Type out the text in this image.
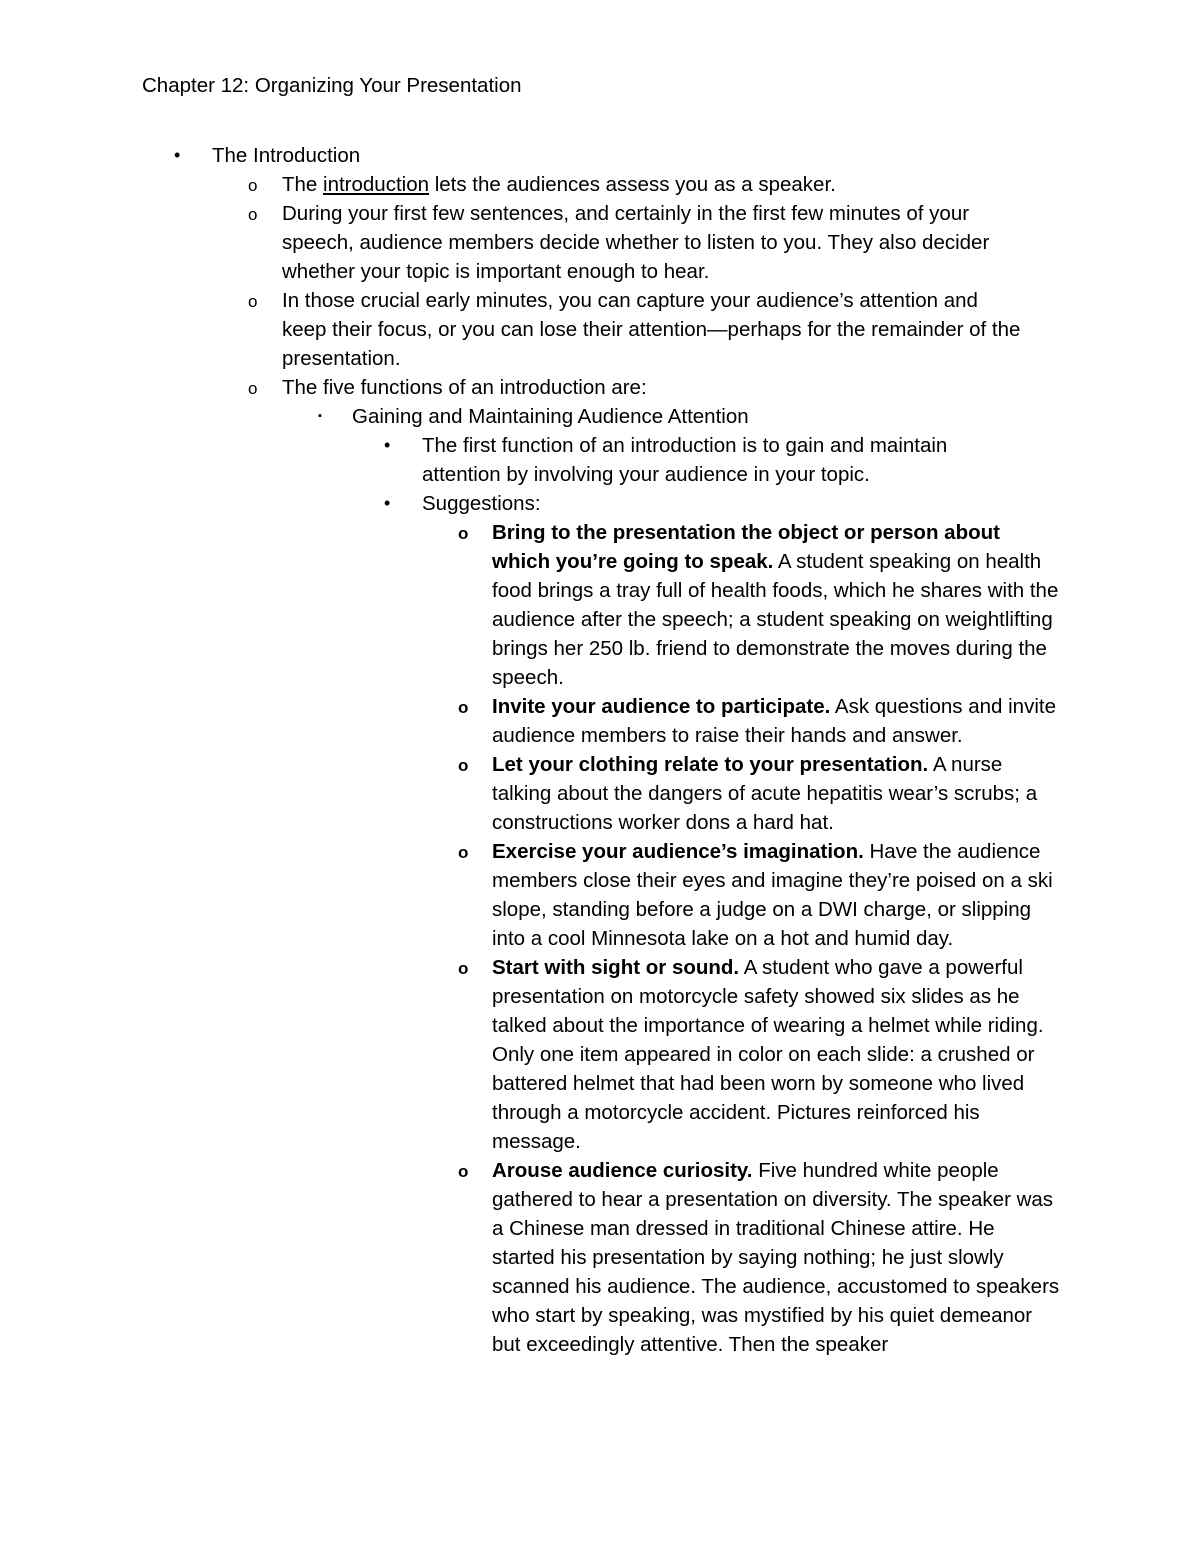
Chapter 12: Organizing Your Presentation
• The Introduction
o The introduction lets the audiences assess you as a speaker.
o During your first few sentences, and certainly in the first few minutes of your speech, audience members decide whether to listen to you. They also decider whether your topic is important enough to hear.
o In those crucial early minutes, you can capture your audience’s attention and keep their focus, or you can lose their attention—perhaps for the remainder of the presentation.
o The five functions of an introduction are:
▪ Gaining and Maintaining Audience Attention
• The first function of an introduction is to gain and maintain attention by involving your audience in your topic.
• Suggestions:
o Bring to the presentation the object or person about which you’re going to speak. A student speaking on health food brings a tray full of health foods, which he shares with the audience after the speech; a student speaking on weightlifting brings her 250 lb. friend to demonstrate the moves during the speech.
o Invite your audience to participate. Ask questions and invite audience members to raise their hands and answer.
o Let your clothing relate to your presentation. A nurse talking about the dangers of acute hepatitis wear’s scrubs; a constructions worker dons a hard hat.
o Exercise your audience’s imagination. Have the audience members close their eyes and imagine they’re poised on a ski slope, standing before a judge on a DWI charge, or slipping into a cool Minnesota lake on a hot and humid day.
o Start with sight or sound. A student who gave a powerful presentation on motorcycle safety showed six slides as he talked about the importance of wearing a helmet while riding. Only one item appeared in color on each slide: a crushed or battered helmet that had been worn by someone who lived through a motorcycle accident. Pictures reinforced his message.
o Arouse audience curiosity. Five hundred white people gathered to hear a presentation on diversity. The speaker was a Chinese man dressed in traditional Chinese attire. He started his presentation by saying nothing; he just slowly scanned his audience. The audience, accustomed to speakers who start by speaking, was mystified by his quiet demeanor but exceedingly attentive. Then the speaker
